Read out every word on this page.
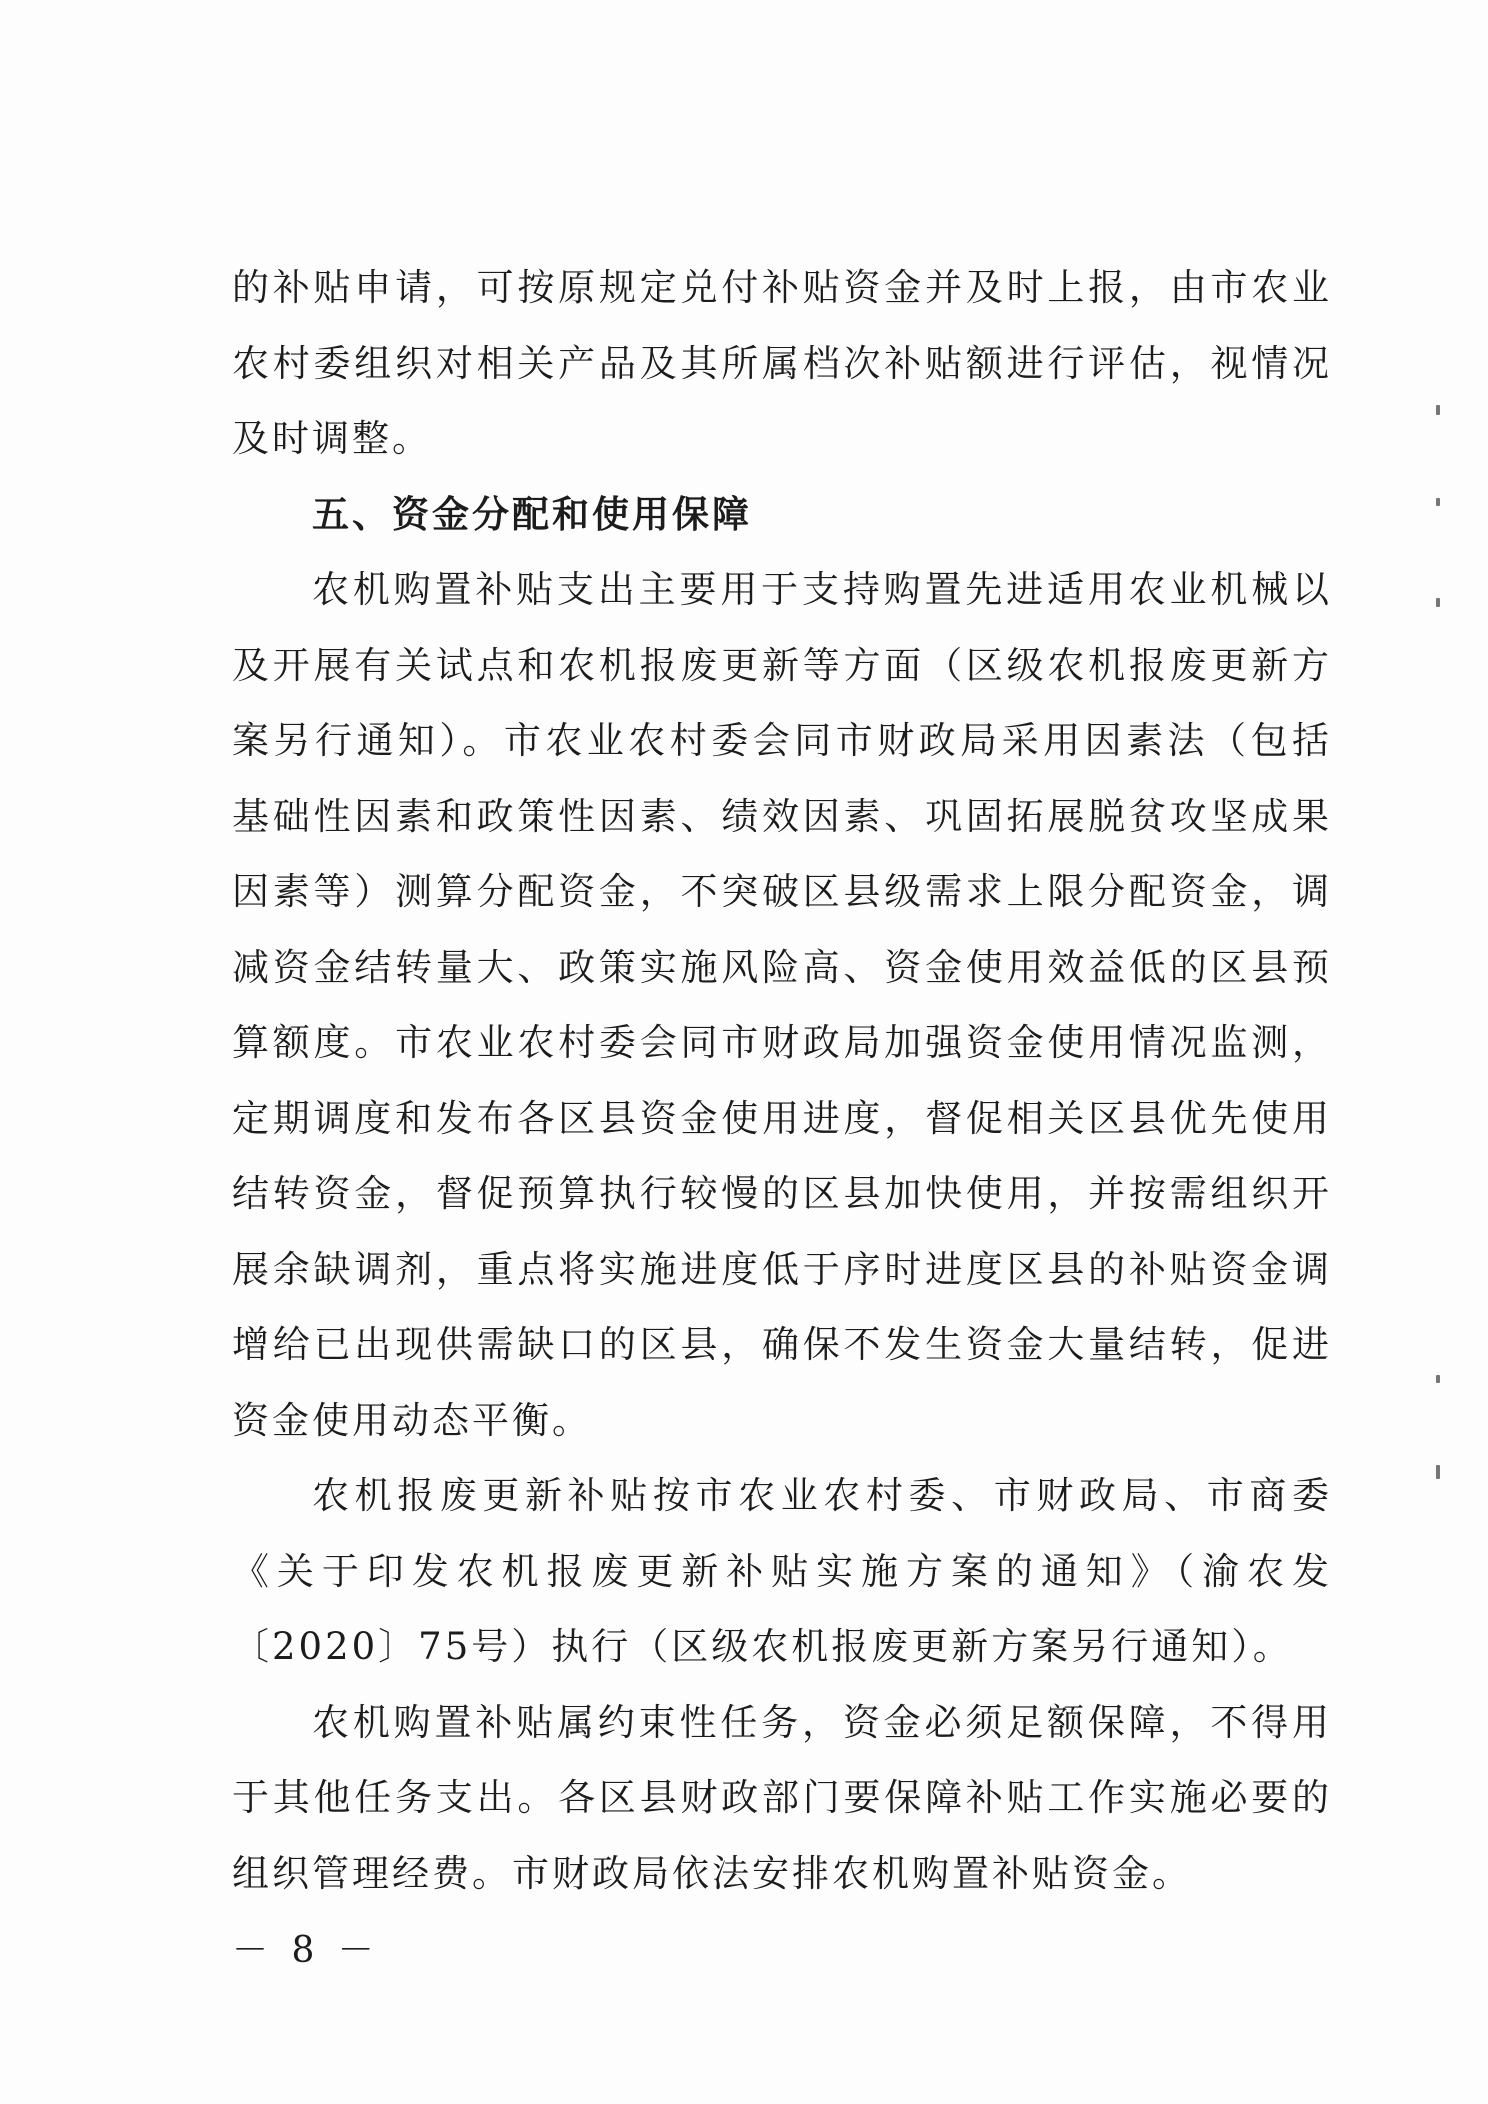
的补贴申请，可按原规定兑付补贴资金并及时上报，由市农业农村委组织对相关产品及其所属档次补贴额进行评估，视情况及时调整。

五、资金分配和使用保障

农机购置补贴支出主要用于支持购置先进适用农业机械以及开展有关试点和农机报废更新等方面（区级农机报废更新方案另行通知）。市农业农村委会同市财政局采用因素法（包括基础性因素和政策性因素、绩效因素、巩固拓展脱贫攻坚成果因素等）测算分配资金，不突破区县级需求上限分配资金，调减资金结转量大、政策实施风险高、资金使用效益低的区县预算额度。市农业农村委会同市财政局加强资金使用情况监测，定期调度和发布各区县资金使用进度，督促相关区县优先使用结转资金，督促预算执行较慢的区县加快使用，并按需组织开展余缺调剂，重点将实施进度低于序时进度区县的补贴资金调增给已出现供需缺口的区县，确保不发生资金大量结转，促进资金使用动态平衡。

农机报废更新补贴按市农业农村委、市财政局、市商委《关于印发农机报废更新补贴实施方案的通知》（渝农发〔2020〕75号）执行（区级农机报废更新方案另行通知）。

农机购置补贴属约束性任务，资金必须足额保障，不得用于其他任务支出。各区县财政部门要保障补贴工作实施必要的组织管理经费。市财政局依法安排农机购置补贴资金。

－ 8 －
